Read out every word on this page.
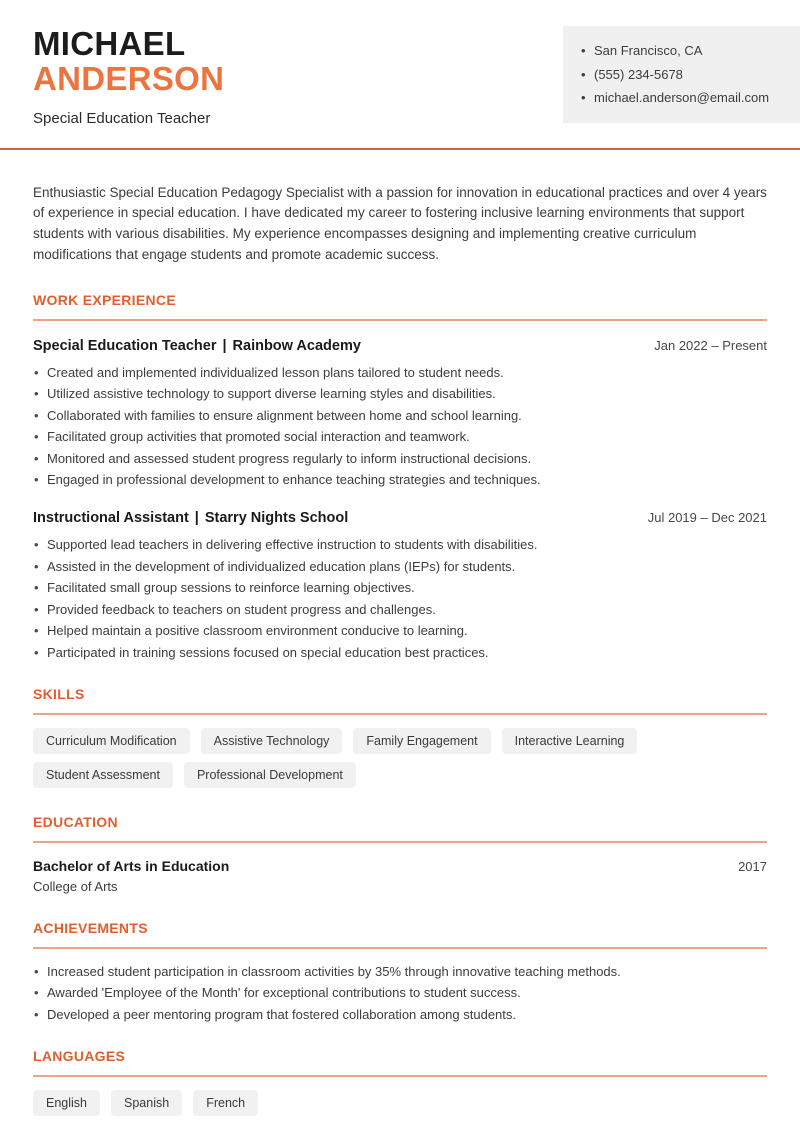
MICHAEL
ANDERSON
Special Education Teacher
• San Francisco, CA
• (555) 234-5678
• michael.anderson@email.com

Enthusiastic Special Education Pedagogy Specialist with a passion for innovation in educational practices and over 4 years of experience in special education. I have dedicated my career to fostering inclusive learning environments that support students with various disabilities. My experience encompasses designing and implementing creative curriculum modifications that engage students and promote academic success.

WORK EXPERIENCE
Special Education Teacher | Rainbow Academy	Jan 2022 – Present
• Created and implemented individualized lesson plans tailored to student needs.
• Utilized assistive technology to support diverse learning styles and disabilities.
• Collaborated with families to ensure alignment between home and school learning.
• Facilitated group activities that promoted social interaction and teamwork.
• Monitored and assessed student progress regularly to inform instructional decisions.
• Engaged in professional development to enhance teaching strategies and techniques.
Instructional Assistant | Starry Nights School	Jul 2019 – Dec 2021
• Supported lead teachers in delivering effective instruction to students with disabilities.
• Assisted in the development of individualized education plans (IEPs) for students.
• Facilitated small group sessions to reinforce learning objectives.
• Provided feedback to teachers on student progress and challenges.
• Helped maintain a positive classroom environment conducive to learning.
• Participated in training sessions focused on special education best practices.
SKILLS
Curriculum Modification	Assistive Technology	Family Engagement	Interactive Learning
Student Assessment	Professional Development
EDUCATION
Bachelor of Arts in Education	2017
College of Arts
ACHIEVEMENTS
• Increased student participation in classroom activities by 35% through innovative teaching methods.
• Awarded 'Employee of the Month' for exceptional contributions to student success.
• Developed a peer mentoring program that fostered collaboration among students.
LANGUAGES
English	Spanish	French
